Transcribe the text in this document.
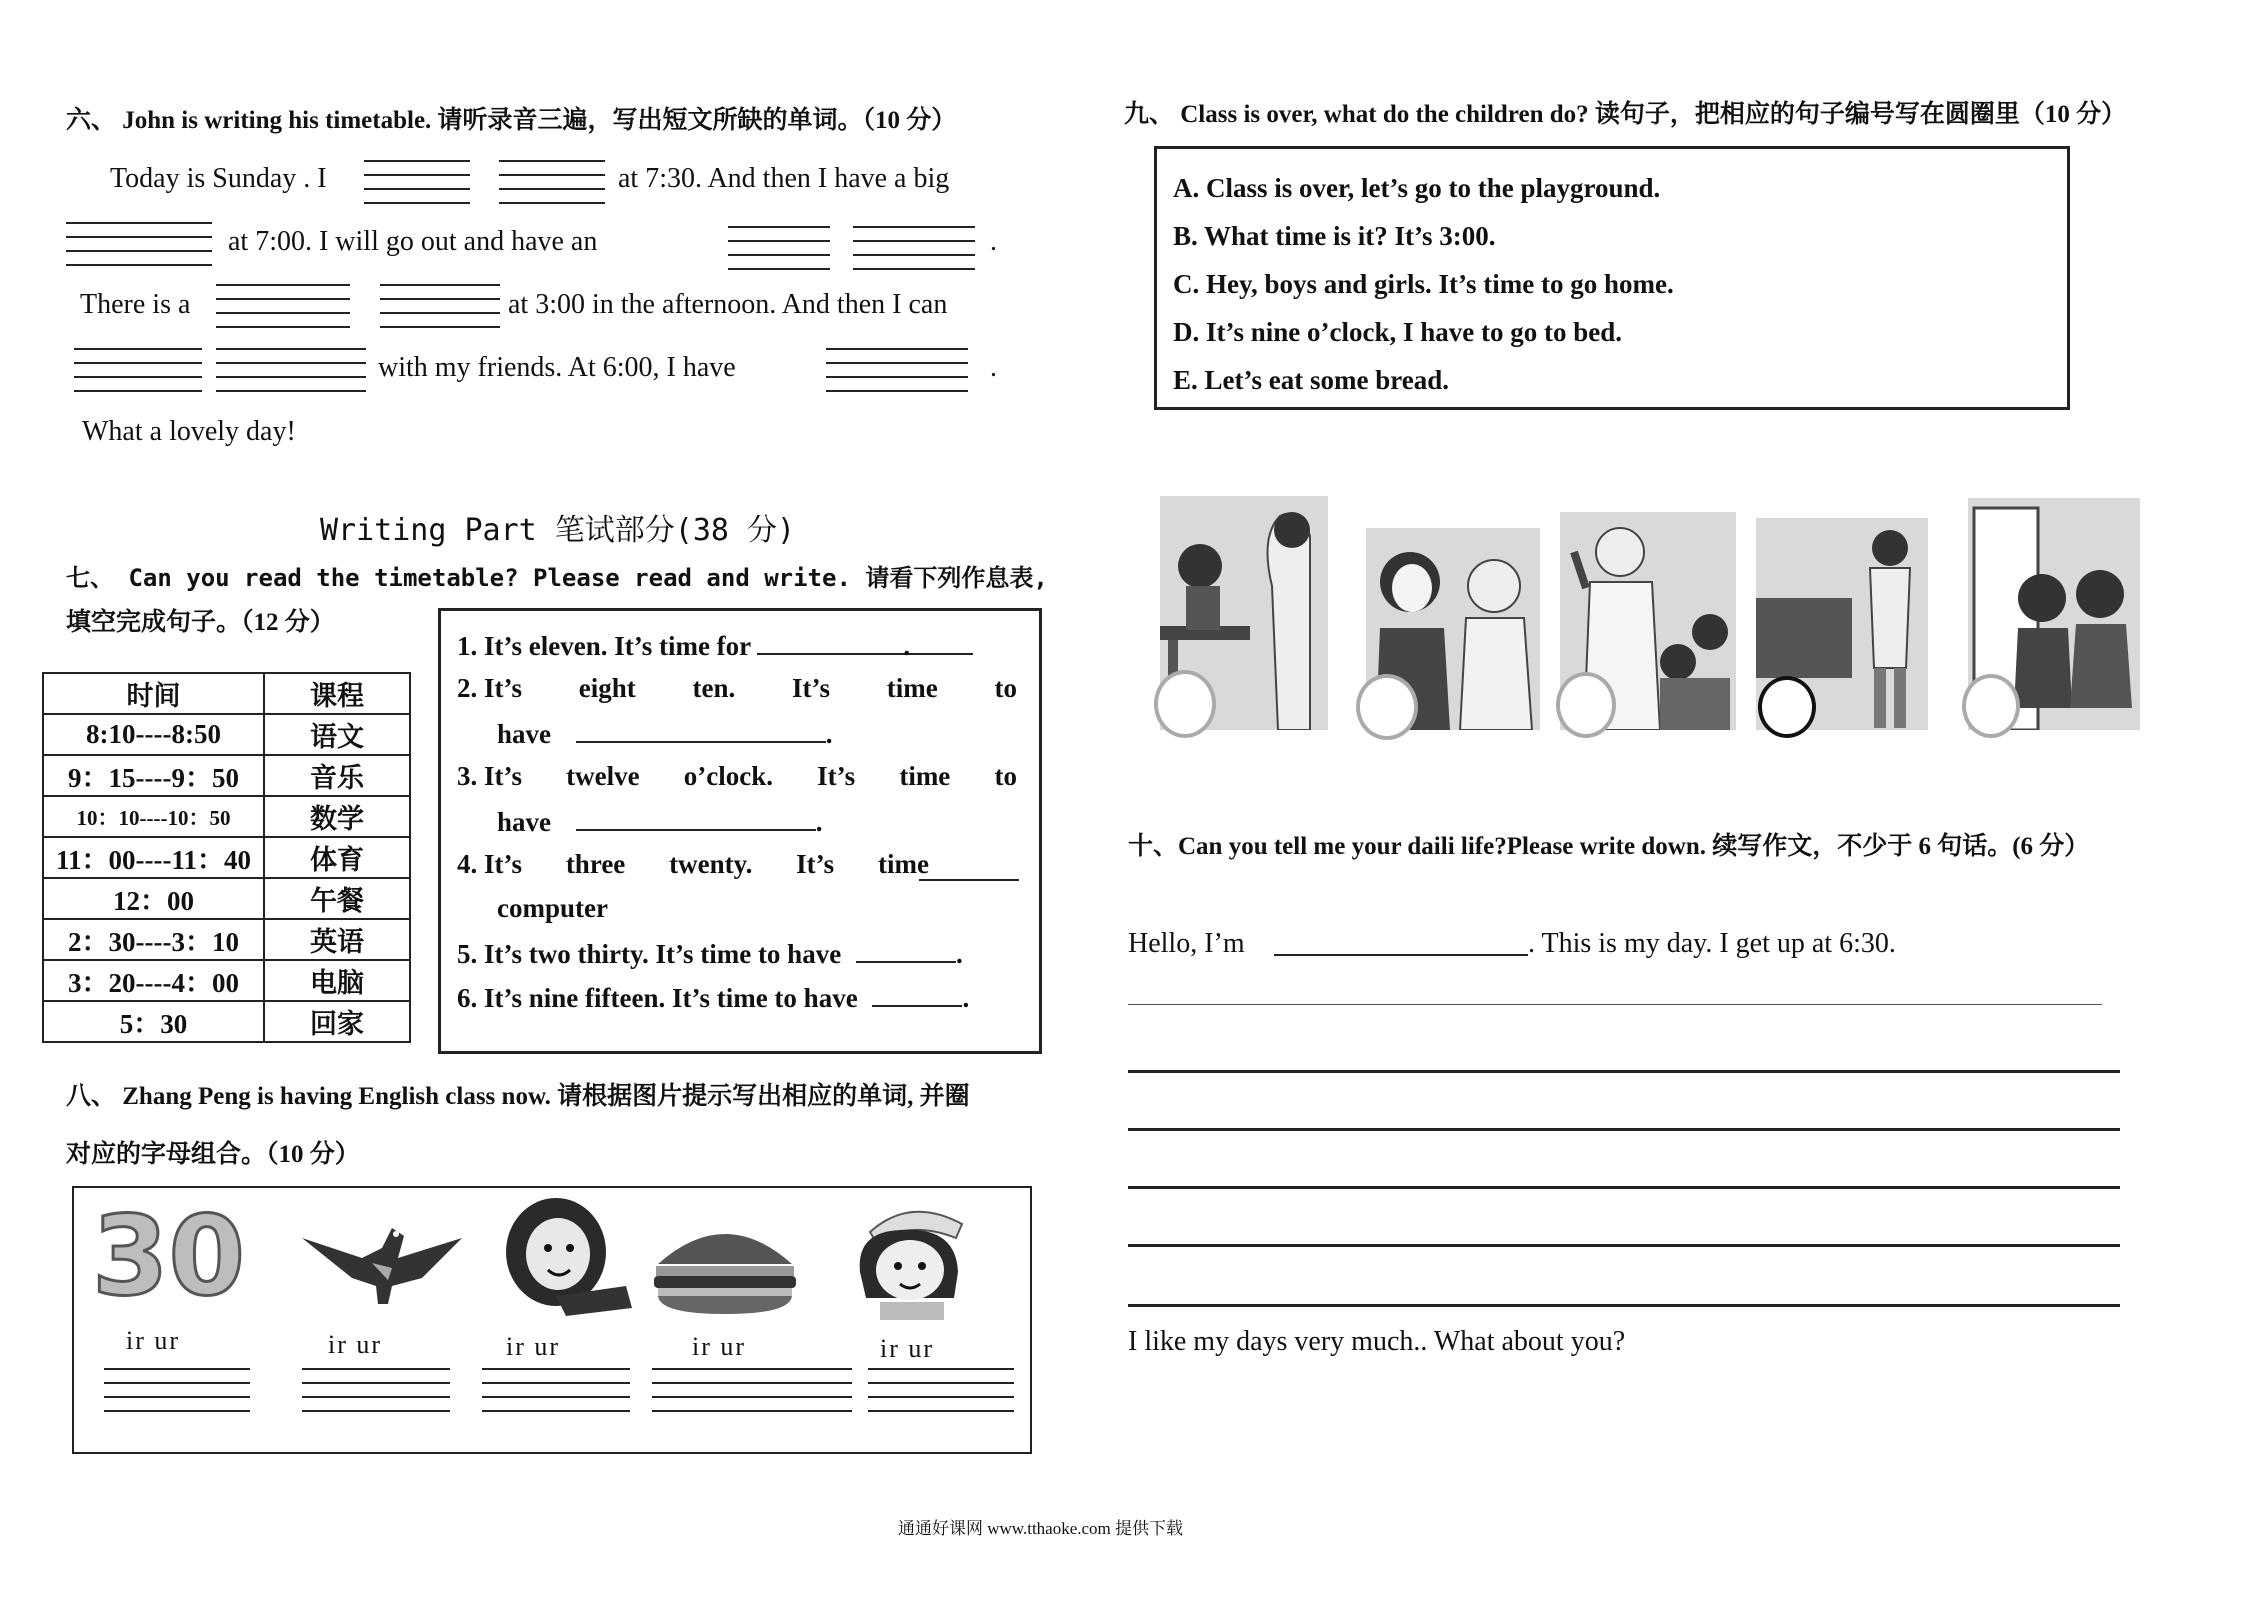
六、 John is writing his timetable. 请听录音三遍，写出短文所缺的单词。（10 分）
Today is Sunday . I	at 7:30. And then I have a big
at 7:00. I will go out and have an	.
There is a	at 3:00 in the afternoon. And then I can
with my friends. At 6:00, I have	.
What a lovely day!
Writing Part 笔试部分(38 分)
七、 Can you read the timetable? Please read and write. 请看下列作息表,
填空完成句子。（12 分）
时间	课程
8:10----8:50	语文
9：15----9：50	音乐
10：10----10：50	数学
11：00----11：40	体育
12：00	午餐
2：30----3：10	英语
3：20----4：00	电脑
5：30	回家
1. It’s eleven. It’s time for	.
2. It’s eight ten. It’s time to
have	.
3. It’s twelve o’clock. It’s time to
have	.
4. It’s three twenty. It’s time
computer
5. It’s two thirty. It’s time to have	.
6. It’s nine fifteen. It’s time to have	.
八、 Zhang Peng is having English class now. 请根据图片提示写出相应的单词, 并圈
对应的字母组合。（10 分）
30
ir ur	ir ur	ir ur	ir ur	ir ur
九、 Class is over, what do the children do? 读句子，把相应的句子编号写在圆圈里（10 分）
A. Class is over, let’s go to the playground.
B. What time is it? It’s 3:00.
C. Hey, boys and girls. It’s time to go home.
D. It’s nine o’clock, I have to go to bed.
E. Let’s eat some bread.
十、Can you tell me your daili life?Please write down. 续写作文，不少于 6 句话。(6 分）
Hello, I’m	. This is my day. I get up at 6:30.
I like my days very much.. What about you?
通通好课网 www.tthaoke.com 提供下载
